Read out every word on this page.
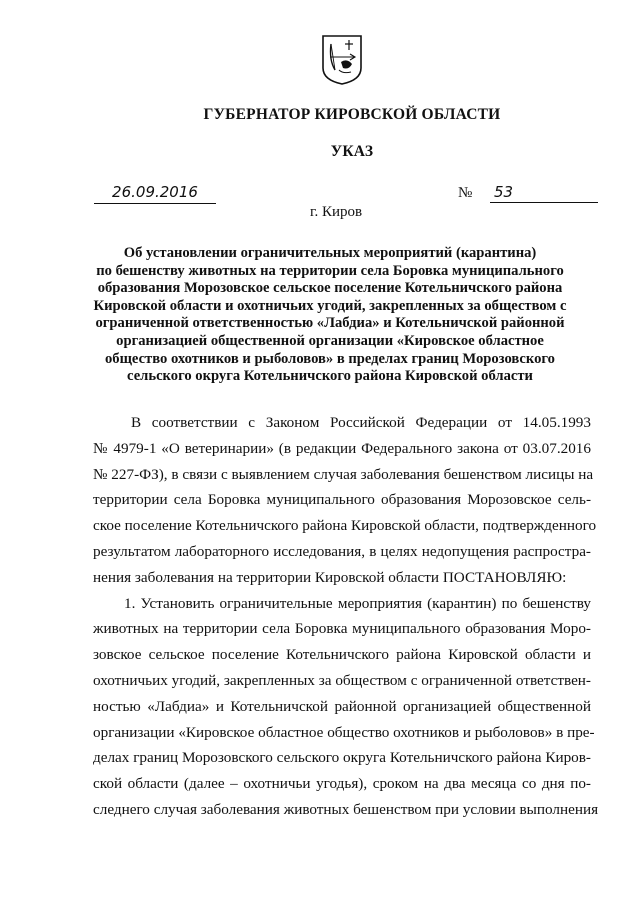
ГУБЕРНАТОР КИРОВСКОЙ ОБЛАСТИ
УКАЗ
26.09.2016	№ 53
г. Киров
Об установлении ограничительных мероприятий (карантина)
по бешенству животных на территории села Боровка муниципального
образования Морозовское сельское поселение Котельничского района
Кировской области и охотничьих угодий, закрепленных за обществом с
ограниченной ответственностью «Лабдиа» и Котельничской районной
организацией общественной организации «Кировское областное
общество охотников и рыболовов» в пределах границ Морозовского
сельского округа Котельничского района Кировской области
В соответствии с Законом Российской Федерации от 14.05.1993
№ 4979-1 «О ветеринарии» (в редакции Федерального закона от 03.07.2016
№ 227-ФЗ), в связи с выявлением случая заболевания бешенством лисицы на
территории села Боровка муниципального образования Морозовское сель-
ское поселение Котельничского района Кировской области, подтвержденного
результатом лабораторного исследования, в целях недопущения распростра-
нения заболевания на территории Кировской области ПОСТАНОВЛЯЮ:
1. Установить ограничительные мероприятия (карантин) по бешенству
животных на территории села Боровка муниципального образования Моро-
зовское сельское поселение Котельничского района Кировской области и
охотничьих угодий, закрепленных за обществом с ограниченной ответствен-
ностью «Лабдиа» и Котельничской районной организацией общественной
организации «Кировское областное общество охотников и рыболовов» в пре-
делах границ Морозовского сельского округа Котельничского района Киров-
ской области (далее – охотничьи угодья), сроком на два месяца со дня по-
следнего случая заболевания животных бешенством при условии выполнения
